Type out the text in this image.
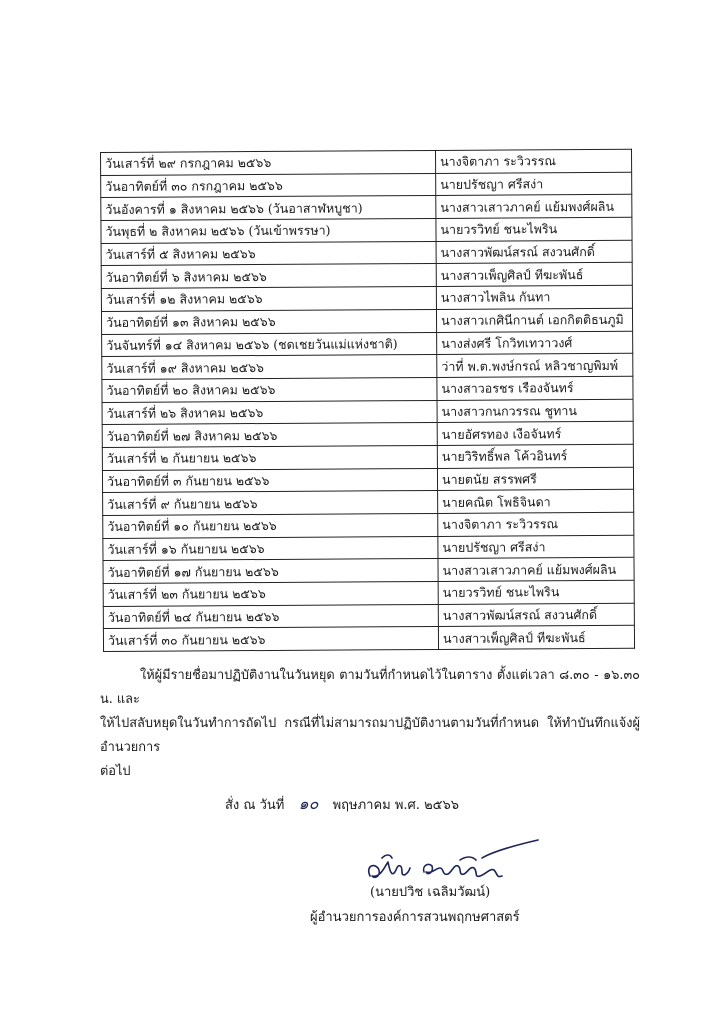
วันเสาร์ที่ ๒๙ กรกฎาคม ๒๕๖๖	นางจิตาภา ระวิวรรณ
วันอาทิตย์ที่ ๓๐ กรกฎาคม ๒๕๖๖	นายปรัชญา ศรีสง่า
วันอังคารที่ ๑ สิงหาคม ๒๕๖๖ (วันอาสาฬหบูชา)	นางสาวเสาวภาคย์ แย้มพงศ์ผลิน
วันพุธที่ ๒ สิงหาคม ๒๕๖๖ (วันเข้าพรรษา)	นายวรวิทย์ ชนะไพริน
วันเสาร์ที่ ๕ สิงหาคม ๒๕๖๖	นางสาวพัฒน์สรณ์ สงวนศักดิ์
วันอาทิตย์ที่ ๖ สิงหาคม ๒๕๖๖	นางสาวเพ็ญศิลป์ ทีฆะพันธ์
วันเสาร์ที่ ๑๒ สิงหาคม ๒๕๖๖	นางสาวไพลิน กันทา
วันอาทิตย์ที่ ๑๓ สิงหาคม ๒๕๖๖	นางสาวเกศินีกานต์ เอกกิตติธนภูมิ
วันจันทร์ที่ ๑๔ สิงหาคม ๒๕๖๖ (ชดเชยวันแม่แห่งชาติ)	นางส่งศรี โกวิทเทวาวงศ์
วันเสาร์ที่ ๑๙ สิงหาคม ๒๕๖๖	ว่าที่ พ.ต.พงษ์กรณ์ หลิวชาญพิมพ์
วันอาทิตย์ที่ ๒๐ สิงหาคม ๒๕๖๖	นางสาวอรชร เรืองจันทร์
วันเสาร์ที่ ๒๖ สิงหาคม ๒๕๖๖	นางสาวกนกวรรณ ชูทาน
วันอาทิตย์ที่ ๒๗ สิงหาคม ๒๕๖๖	นายอัศรทอง เงือจันทร์
วันเสาร์ที่ ๒ กันยายน ๒๕๖๖	นายวิริทธิ์พล โค้วอินทร์
วันอาทิตย์ที่ ๓ กันยายน ๒๕๖๖	นายตนัย สรรพศรี
วันเสาร์ที่ ๙ กันยายน ๒๕๖๖	นายคณิต โพธิจินดา
วันอาทิตย์ที่ ๑๐ กันยายน ๒๕๖๖	นางจิตาภา ระวิวรรณ
วันเสาร์ที่ ๑๖ กันยายน ๒๕๖๖	นายปรัชญา ศรีสง่า
วันอาทิตย์ที่ ๑๗ กันยายน ๒๕๖๖	นางสาวเสาวภาคย์ แย้มพงศ์ผลิน
วันเสาร์ที่ ๒๓ กันยายน ๒๕๖๖	นายวรวิทย์ ชนะไพริน
วันอาทิตย์ที่ ๒๔ กันยายน ๒๕๖๖	นางสาวพัฒน์สรณ์ สงวนศักดิ์
วันเสาร์ที่ ๓๐ กันยายน ๒๕๖๖	นางสาวเพ็ญศิลป์ ทีฆะพันธ์
ให้ผู้มีรายชื่อมาปฏิบัติงานในวันหยุด ตามวันที่กำหนดไว้ในตาราง ตั้งแต่เวลา ๘.๓๐ - ๑๖.๓๐ น. และ
ให้ไปสลับหยุดในวันทำการถัดไป กรณีที่ไม่สามารถมาปฏิบัติงานตามวันที่กำหนด ให้ทำบันทึกแจ้งผู้อำนวยการ
ต่อไป
สั่ง ณ วันที่ ๑๐ พฤษภาคม พ.ศ. ๒๕๖๖
(นายปวิช เฉลิมวัฒน์)
ผู้อำนวยการองค์การสวนพฤกษศาสตร์
